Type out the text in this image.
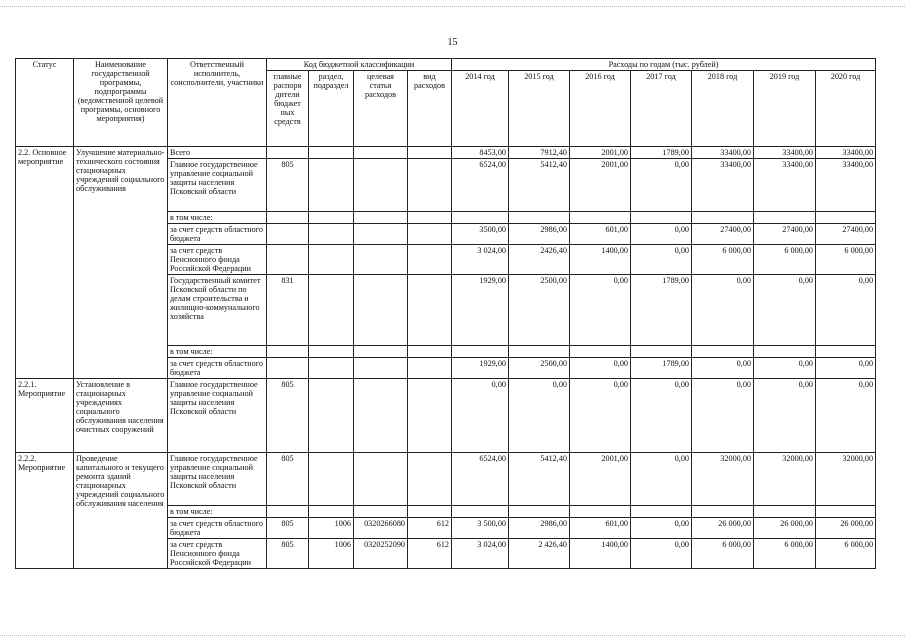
15
Статус	Наименование государственной программы, подпрограммы (ведомственной целевой программы, основного мероприятия)	Ответственный исполнитель, соисполнители, участники	Код бюджетной классификации				Расходы по годам (тыс. рублей)						
			главные распоря дители бюджет ных средств	раздел, подраздел	целевая статья расходов	вид расходов	2014 год	2015 год	2016 год	2017 год	2018 год	2019 год	2020 год
2.2. Основное мероприятие	Улучшение материально-технического состояния стационарных учреждений социального обслуживания	Всего					8453,00	7912,40	2001,00	1789,00	33400,00	33400,00	33400,00
		Главное государственное управление социальной защиты населения Псковской области	805				6524,00	5412,40	2001,00	0,00	33400,00	33400,00	33400,00
		в том числе:											
		за счет средств областного бюджета					3500,00	2986,00	601,00	0,00	27400,00	27400,00	27400,00
		за счет средств Пенсионного фонда Российской Федерации					3 024,00	2426,40	1400,00	0,00	6 000,00	6 000,00	6 000,00
		Государственный комитет Псковской области по делам строительства и жилищно-коммунального хозяйства	831				1929,00	2500,00	0,00	1789,00	0,00	0,00	0,00
		в том числе:											
		за счет средств областного бюджета					1929,00	2500,00	0,00	1789,00	0,00	0,00	0,00
2.2.1. Мероприятие	Установление в стационарных учреждениях социального обслуживания населения очистных сооружений	Главное государственное управление социальной защиты населения Псковской области	805				0,00	0,00	0,00	0,00	0,00	0,00	0,00
2.2.2. Мероприятие	Проведение капитального и текущего ремонта зданий стационарных учреждений социального обслуживания населения	Главное государственное управление социальной защиты населения Псковской области	805				6524,00	5412,40	2001,00	0,00	32000,00	32000,00	32000,00
		в том числе:											
		за счет средств областного бюджета	805	1006	0320266080	612	3 500,00	2986,00	601,00	0,00	26 000,00	26 000,00	26 000,00
		за счет средств Пенсионного фонда Российской Федерации	805	1006	0320252090	612	3 024,00	2 426,40	1400,00	0,00	6 000,00	6 000,00	6 000,00
